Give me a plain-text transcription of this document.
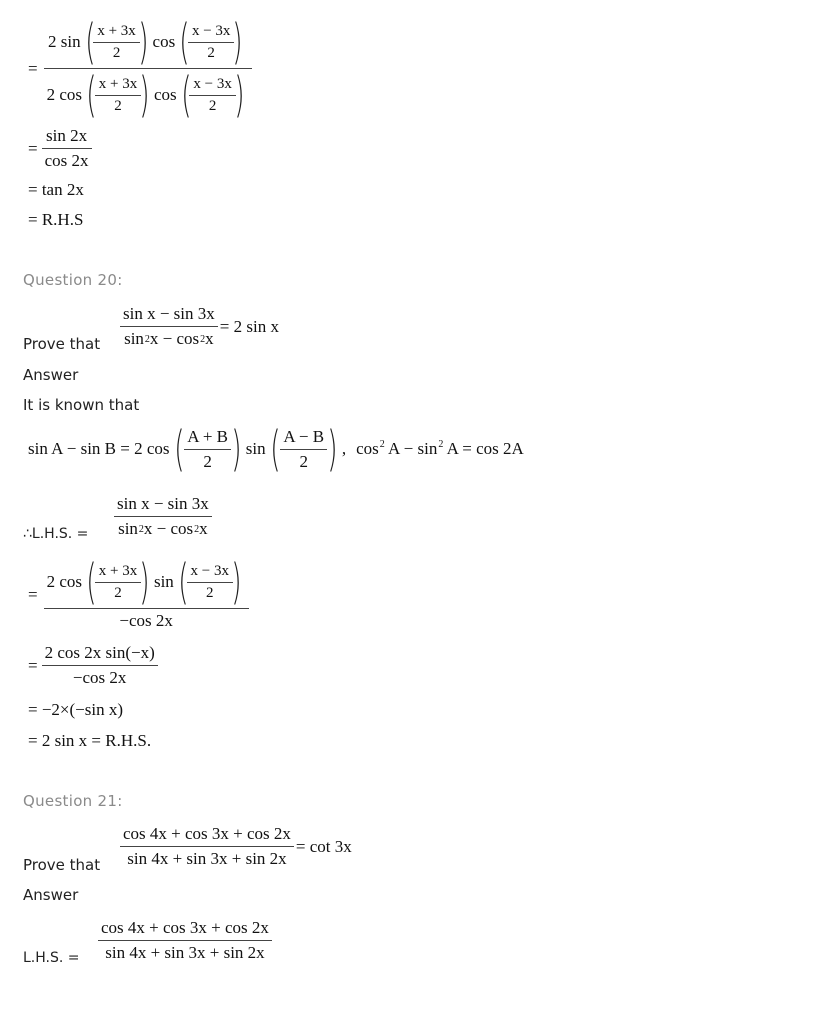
=
2 sin ( x + 3x
2 ) cos ( x − 3x
2 )
2 cos ( x + 3x
2 ) cos ( x − 3x
2 )
= $\frac{\sin 2x}{\cos 2x}$
= tan 2x
= R.H.S
Question 20:
Prove that $\frac{\text{sin x − sin 3x}}{\sin 2 x - \cos 2 x} = 2$ sin x
Answer
It is known that
sin A − sin B = 2 cos ( $\frac{A + B}{2}$ ) sin ( $\frac{A - B}{2}$ ) , $\cos^2 A - \sin^2 A = \cos 2A$
∴L.H.S. = $\frac{\text{sin x − sin 3x}}{\sin 2 x - \cos 2 x}$
=
2 cos ( x + 3x
2 ) sin ( x − 3x
2 )
−cos 2x
= $\frac{\text{2 cos 2x sin(−x)}}{-\cos 2x}$
= −2×(−sin x)
= 2 sin x = R.H.S.
Question 21:
Prove that $\frac{\cos 4x + \cos 3x + \cos 2x}{\sin 4x + \sin 3x + \sin 2x} = \cot 3x$
Answer
L.H.S. = $\frac{\cos 4x + \cos 3x + \cos 2x}{\sin 4x + \sin 3x + \sin 2x}$
